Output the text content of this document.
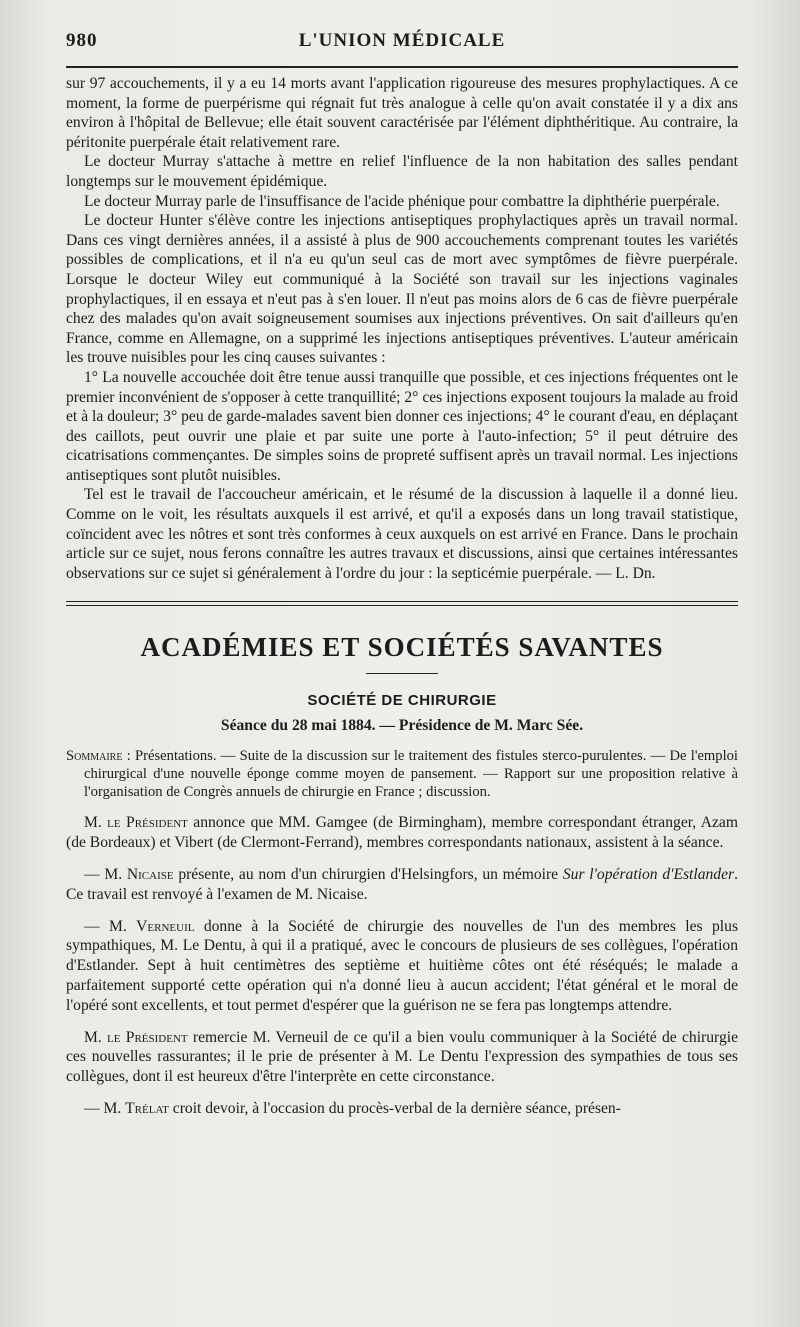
980	L'UNION MÉDICALE

sur 97 accouchements, il y a eu 14 morts avant l'application rigoureuse des mesures prophylactiques. A ce moment, la forme de puerpérisme qui régnait fut très analogue à celle qu'on avait constatée il y a dix ans environ à l'hôpital de Bellevue; elle était souvent caractérisée par l'élément diphthéritique. Au contraire, la péritonite puerpérale était relativement rare.

Le docteur Murray s'attache à mettre en relief l'influence de la non habitation des salles pendant longtemps sur le mouvement épidémique.

Le docteur Murray parle de l'insuffisance de l'acide phénique pour combattre la diphthérie puerpérale.

Le docteur Hunter s'élève contre les injections antiseptiques prophylactiques après un travail normal. Dans ces vingt dernières années, il a assisté à plus de 900 accouchements comprenant toutes les variétés possibles de complications, et il n'a eu qu'un seul cas de mort avec symptômes de fièvre puerpérale. Lorsque le docteur Wiley eut communiqué à la Société son travail sur les injections vaginales prophylactiques, il en essaya et n'eut pas à s'en louer. Il n'eut pas moins alors de 6 cas de fièvre puerpérale chez des malades qu'on avait soigneusement soumises aux injections préventives. On sait d'ailleurs qu'en France, comme en Allemagne, on a supprimé les injections antiseptiques préventives. L'auteur américain les trouve nuisibles pour les cinq causes suivantes :

1° La nouvelle accouchée doit être tenue aussi tranquille que possible, et ces injections fréquentes ont le premier inconvénient de s'opposer à cette tranquillité; 2° ces injections exposent toujours la malade au froid et à la douleur; 3° peu de garde-malades savent bien donner ces injections; 4° le courant d'eau, en déplaçant des caillots, peut ouvrir une plaie et par suite une porte à l'auto-infection; 5° il peut détruire des cicatrisations commençantes. De simples soins de propreté suffisent après un travail normal. Les injections antiseptiques sont plutôt nuisibles.

Tel est le travail de l'accoucheur américain, et le résumé de la discussion à laquelle il a donné lieu. Comme on le voit, les résultats auxquels il est arrivé, et qu'il a exposés dans un long travail statistique, coïncident avec les nôtres et sont très conformes à ceux auxquels on est arrivé en France. Dans le prochain article sur ce sujet, nous ferons connaître les autres travaux et discussions, ainsi que certaines intéressantes observations sur ce sujet si généralement à l'ordre du jour : la septicémie puerpérale. — L. Dn.

ACADÉMIES ET SOCIÉTÉS SAVANTES
SOCIÉTÉ DE CHIRURGIE
Séance du 28 mai 1884. — Présidence de M. Marc Sée.

Sommaire : Présentations. — Suite de la discussion sur le traitement des fistules sterco-purulentes. — De l'emploi chirurgical d'une nouvelle éponge comme moyen de pansement. — Rapport sur une proposition relative à l'organisation de Congrès annuels de chirurgie en France ; discussion.

M. le Président annonce que MM. Gamgee (de Birmingham), membre correspondant étranger, Azam (de Bordeaux) et Vibert (de Clermont-Ferrand), membres correspondants nationaux, assistent à la séance.

— M. Nicaise présente, au nom d'un chirurgien d'Helsingfors, un mémoire Sur l'opération d'Estlander. Ce travail est renvoyé à l'examen de M. Nicaise.

— M. Verneuil donne à la Société de chirurgie des nouvelles de l'un des membres les plus sympathiques, M. Le Dentu, à qui il a pratiqué, avec le concours de plusieurs de ses collègues, l'opération d'Estlander. Sept à huit centimètres des septième et huitième côtes ont été réséqués; le malade a parfaitement supporté cette opération qui n'a donné lieu à aucun accident; l'état général et le moral de l'opéré sont excellents, et tout permet d'espérer que la guérison ne se fera pas longtemps attendre.

M. le Président remercie M. Verneuil de ce qu'il a bien voulu communiquer à la Société de chirurgie ces nouvelles rassurantes; il le prie de présenter à M. Le Dentu l'expression des sympathies de tous ses collègues, dont il est heureux d'être l'interprète en cette circonstance.

— M. Trélat croit devoir, à l'occasion du procès-verbal de la dernière séance, présen-
